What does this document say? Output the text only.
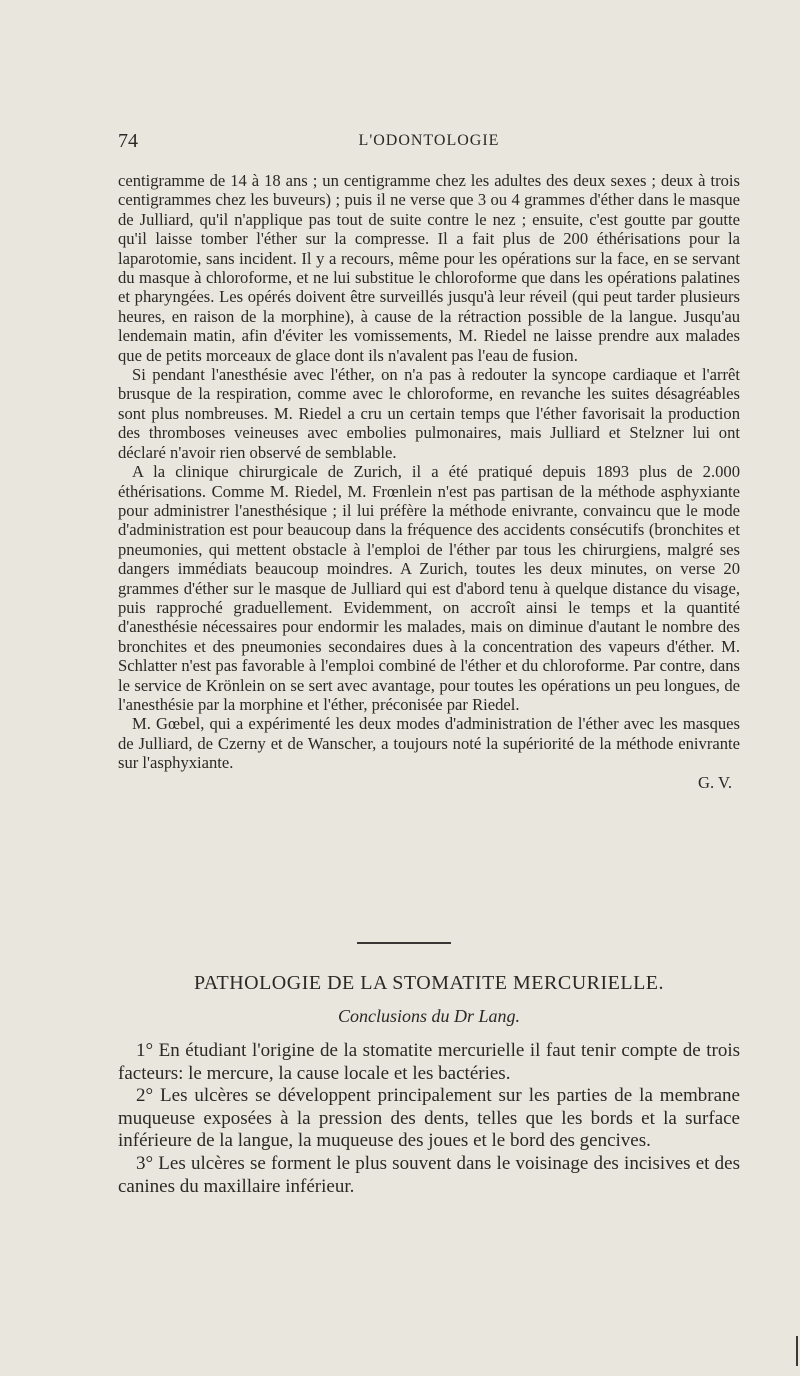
74	L'ODONTOLOGIE

centigramme de 14 à 18 ans ; un centigramme chez les adultes des deux sexes ; deux à trois centigrammes chez les buveurs) ; puis il ne verse que 3 ou 4 grammes d'éther dans le masque de Julliard, qu'il n'applique pas tout de suite contre le nez ; ensuite, c'est goutte par goutte qu'il laisse tomber l'éther sur la compresse. Il a fait plus de 200 éthérisations pour la laparotomie, sans incident. Il y a recours, même pour les opérations sur la face, en se servant du masque à chloroforme, et ne lui substitue le chloroforme que dans les opérations palatines et pharyngées. Les opérés doivent être surveillés jusqu'à leur réveil (qui peut tarder plusieurs heures, en raison de la morphine), à cause de la rétraction possible de la langue. Jusqu'au lendemain matin, afin d'éviter les vomissements, M. Riedel ne laisse prendre aux malades que de petits morceaux de glace dont ils n'avalent pas l'eau de fusion.

Si pendant l'anesthésie avec l'éther, on n'a pas à redouter la syncope cardiaque et l'arrêt brusque de la respiration, comme avec le chloroforme, en revanche les suites désagréables sont plus nombreuses. M. Riedel a cru un certain temps que l'éther favorisait la production des thromboses veineuses avec embolies pulmonaires, mais Julliard et Stelzner lui ont déclaré n'avoir rien observé de semblable.

A la clinique chirurgicale de Zurich, il a été pratiqué depuis 1893 plus de 2.000 éthérisations. Comme M. Riedel, M. Frœnlein n'est pas partisan de la méthode asphyxiante pour administrer l'anesthésique ; il lui préfère la méthode enivrante, convaincu que le mode d'administration est pour beaucoup dans la fréquence des accidents consécutifs (bronchites et pneumonies, qui mettent obstacle à l'emploi de l'éther par tous les chirurgiens, malgré ses dangers immédiats beaucoup moindres. A Zurich, toutes les deux minutes, on verse 20 grammes d'éther sur le masque de Julliard qui est d'abord tenu à quelque distance du visage, puis rapproché graduellement. Evidemment, on accroît ainsi le temps et la quantité d'anesthésie nécessaires pour endormir les malades, mais on diminue d'autant le nombre des bronchites et des pneumonies secondaires dues à la concentration des vapeurs d'éther. M. Schlatter n'est pas favorable à l'emploi combiné de l'éther et du chloroforme. Par contre, dans le service de Krönlein on se sert avec avantage, pour toutes les opérations un peu longues, de l'anesthésie par la morphine et l'éther, préconisée par Riedel.

M. Gœbel, qui a expérimenté les deux modes d'administration de l'éther avec les masques de Julliard, de Czerny et de Wanscher, a toujours noté la supériorité de la méthode enivrante sur l'asphyxiante.

G. V.

PATHOLOGIE DE LA STOMATITE MERCURIELLE.
Conclusions du Dr Lang.

1° En étudiant l'origine de la stomatite mercurielle il faut tenir compte de trois facteurs: le mercure, la cause locale et les bactéries.

2° Les ulcères se développent principalement sur les parties de la membrane muqueuse exposées à la pression des dents, telles que les bords et la surface inférieure de la langue, la muqueuse des joues et le bord des gencives.

3° Les ulcères se forment le plus souvent dans le voisinage des incisives et des canines du maxillaire inférieur.
